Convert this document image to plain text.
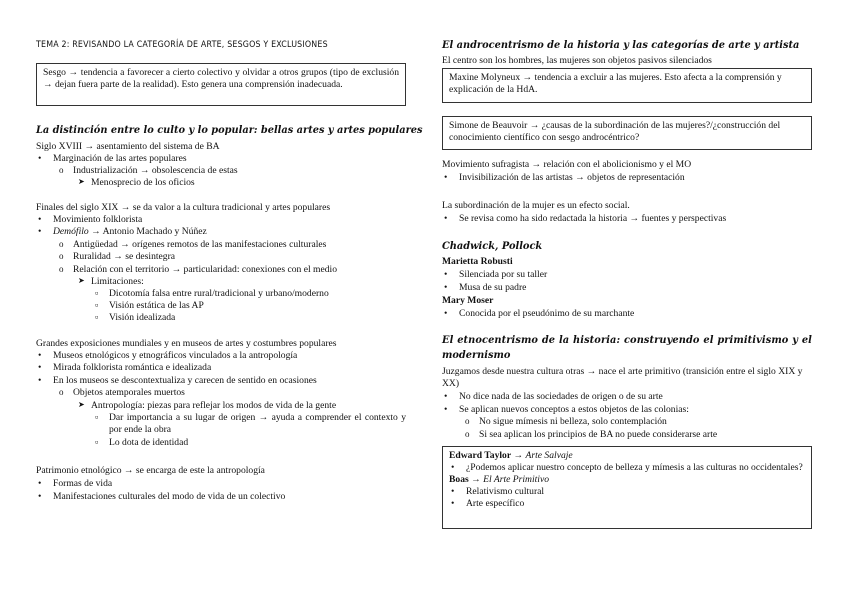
TEMA 2: REVISANDO LA CATEGORÍA DE ARTE, SESGOS Y EXCLUSIONES
Sesgo → tendencia a favorecer a cierto colectivo y olvidar a otros grupos (tipo de exclusión → dejan fuera parte de la realidad). Esto genera una comprensión inadecuada.
La distinción entre lo culto y lo popular: bellas artes y artes populares
Siglo XVIII → asentamiento del sistema de BA
• Marginación de las artes populares
o Industrialización → obsolescencia de estas
➤ Menosprecio de los oficios
Finales del siglo XIX → se da valor a la cultura tradicional y artes populares
• Movimiento folklorista
• Demófilo → Antonio Machado y Núñez
o Antigüedad → orígenes remotos de las manifestaciones culturales
o Ruralidad → se desintegra
o Relación con el territorio → particularidad: conexiones con el medio
➤ Limitaciones:
▫ Dicotomía falsa entre rural/tradicional y urbano/moderno
▫ Visión estática de las AP
▫ Visión idealizada
Grandes exposiciones mundiales y en museos de artes y costumbres populares
• Museos etnológicos y etnográficos vinculados a la antropología
• Mirada folklorista romántica e idealizada
• En los museos se descontextualiza y carecen de sentido en ocasiones
o Objetos atemporales muertos
➤ Antropología: piezas para reflejar los modos de vida de la gente
▫ Dar importancia a su lugar de origen → ayuda a comprender el contexto y por ende la obra
▫ Lo dota de identidad
Patrimonio etnológico → se encarga de este la antropología
• Formas de vida
• Manifestaciones culturales del modo de vida de un colectivo
El androcentrismo de la historia y las categorías de arte y artista
El centro son los hombres, las mujeres son objetos pasivos silenciados
Maxine Molyneux → tendencia a excluir a las mujeres. Esto afecta a la comprensión y explicación de la HdA.
Simone de Beauvoir → ¿causas de la subordinación de las mujeres?/¿construcción del conocimiento científico con sesgo androcéntrico?
Movimiento sufragista → relación con el abolicionismo y el MO
• Invisibilización de las artistas → objetos de representación
La subordinación de la mujer es un efecto social.
• Se revisa como ha sido redactada la historia → fuentes y perspectivas
Chadwick, Pollock
Marietta Robusti
• Silenciada por su taller
• Musa de su padre
Mary Moser
• Conocida por el pseudónimo de su marchante
El etnocentrismo de la historia: construyendo el primitivismo y el
modernismo
Juzgamos desde nuestra cultura otras → nace el arte primitivo (transición entre el siglo XIX y XX)
• No dice nada de las sociedades de origen o de su arte
• Se aplican nuevos conceptos a estos objetos de las colonias:
o No sigue mímesis ni belleza, solo contemplación
o Si sea aplican los principios de BA no puede considerarse arte
Edward Taylor → Arte Salvaje
• ¿Podemos aplicar nuestro concepto de belleza y mímesis a las culturas no occidentales?
Boas → El Arte Primitivo
• Relativismo cultural
• Arte específico
